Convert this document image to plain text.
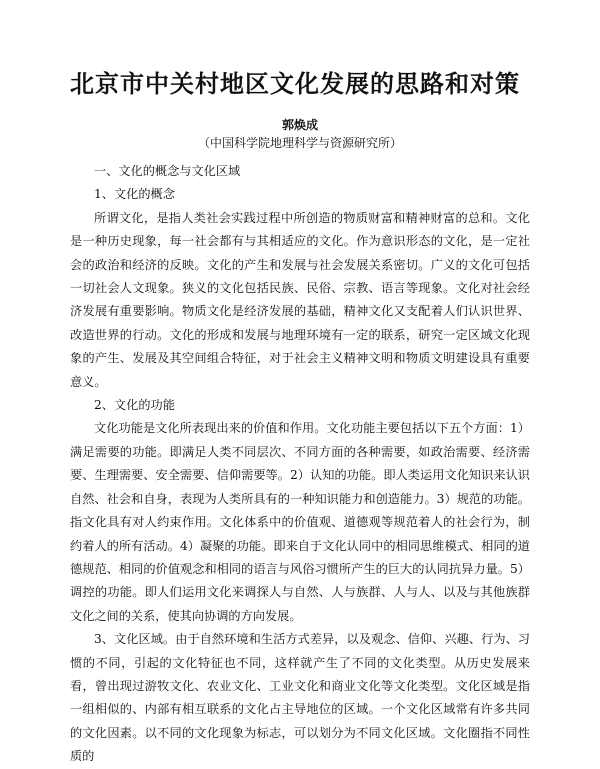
北京市中关村地区文化发展的思路和对策
郭焕成
（中国科学院地理科学与资源研究所）
一、文化的概念与文化区域
1、文化的概念

所谓文化，是指人类社会实践过程中所创造的物质财富和精神财富的总和。文化是一种历史现象，每一社会都有与其相适应的文化。作为意识形态的文化，是一定社会的政治和经济的反映。文化的产生和发展与社会发展关系密切。广义的文化可包括一切社会人文现象。狭义的文化包括民族、民俗、宗教、语言等现象。文化对社会经济发展有重要影响。物质文化是经济发展的基础，精神文化又支配着人们认识世界、改造世界的行动。文化的形成和发展与地理环境有一定的联系，研究一定区域文化现象的产生、发展及其空间组合特征，对于社会主义精神文明和物质文明建设具有重要意义。

2、文化的功能

文化功能是文化所表现出来的价值和作用。文化功能主要包括以下五个方面：1）满足需要的功能。即满足人类不同层次、不同方面的各种需要，如政治需要、经济需要、生理需要、安全需要、信仰需要等。2）认知的功能。即人类运用文化知识来认识自然、社会和自身，表现为人类所具有的一种知识能力和创造能力。3）规范的功能。指文化具有对人约束作用。文化体系中的价值观、道德观等规范着人的社会行为，制约着人的所有活动。4）凝聚的功能。即来自于文化认同中的相同思维模式、相同的道德规范、相同的价值观念和相同的语言与风俗习惯所产生的巨大的认同抗异力量。5）调控的功能。即人们运用文化来调探人与自然、人与族群、人与人、以及与其他族群文化之间的关系，使其向协调的方向发展。

3、文化区域。由于自然环境和生活方式差异，以及观念、信仰、兴趣、行为、习惯的不同，引起的文化特征也不同，这样就产生了不同的文化类型。从历史发展来看，曾出现过游牧文化、农业文化、工业文化和商业文化等文化类型。文化区域是指一组相似的、内部有相互联系的文化占主导地位的区域。一个文化区域常有许多共同的文化因素。以不同的文化现象为标志，可以划分为不同文化区域。文化圈指不同性质的
